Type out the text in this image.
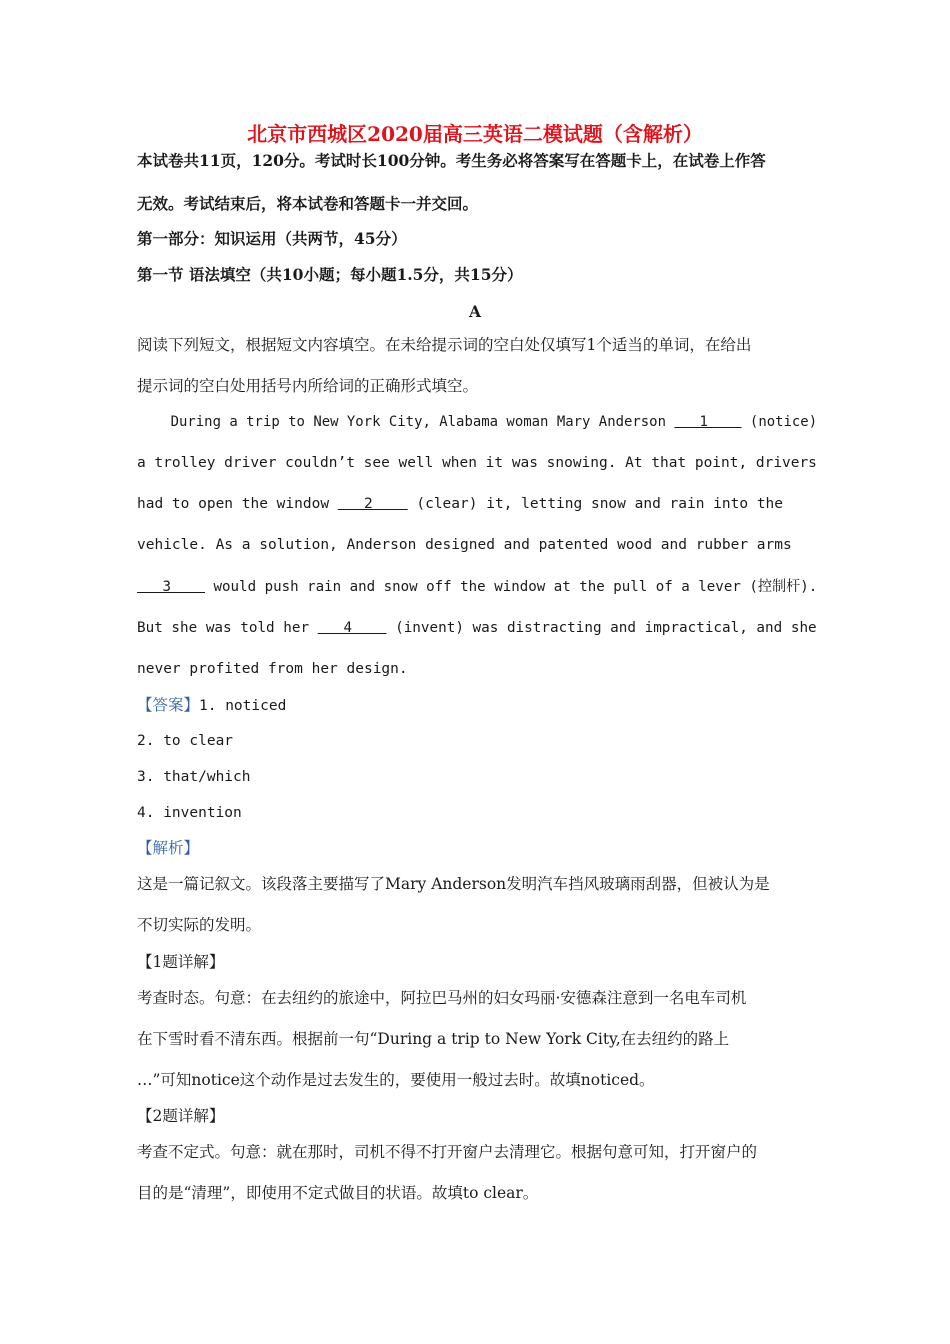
北京市西城区2020届高三英语二模试题（含解析）
本试卷共11页，120分。考试时长100分钟。考生务必将答案写在答题卡上，在试卷上作答
无效。考试结束后，将本试卷和答题卡一并交回。
第一部分：知识运用（共两节，45分）
第一节 语法填空（共10小题；每小题1.5分，共15分）
A
阅读下列短文，根据短文内容填空。在未给提示词的空白处仅填写1个适当的单词，在给出
提示词的空白处用括号内所给词的正确形式填空。
During a trip to New York City, Alabama woman Mary Anderson    1     (notice)
a trolley driver couldn’t see well when it was snowing. At that point, drivers
had to open the window    2     (clear) it, letting snow and rain into the
vehicle. As a solution, Anderson designed and patented wood and rubber arms
3     would push rain and snow off the window at the pull of a lever (控制杆).
But she was told her    4     (invent) was distracting and impractical, and she
never profited from her design.
【答案】1. noticed
2. to clear
3. that/which
4. invention
【解析】
这是一篇记叙文。该段落主要描写了Mary Anderson发明汽车挡风玻璃雨刮器，但被认为是
不切实际的发明。
【1题详解】
考查时态。句意：在去纽约的旅途中，阿拉巴马州的妇女玛丽·安德森注意到一名电车司机
在下雪时看不清东西。根据前一句“During a trip to New York City,在去纽约的路上
…”可知notice这个动作是过去发生的，要使用一般过去时。故填noticed。
【2题详解】
考查不定式。句意：就在那时，司机不得不打开窗户去清理它。根据句意可知，打开窗户的
目的是“清理”，即使用不定式做目的状语。故填to clear。
